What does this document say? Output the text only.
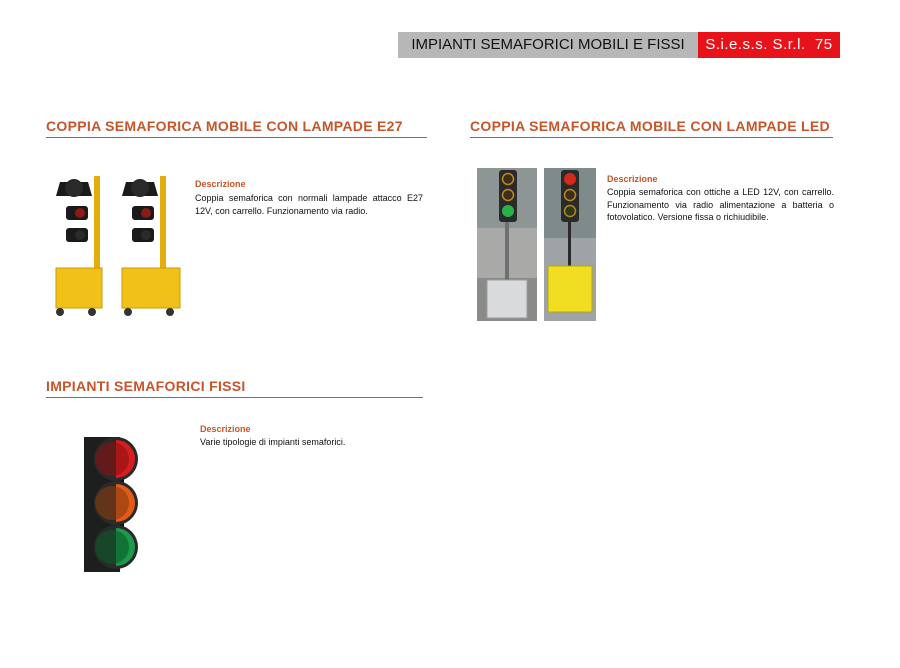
IMPIANTI SEMAFORICI MOBILI E FISSI	S.i.e.s.s. S.r.l. 75
COPPIA SEMAFORICA MOBILE CON LAMPADE E27
Descrizione
Coppia semaforica con normali lampade attacco E27 12V, con carrello. Funzionamento via radio.
COPPIA SEMAFORICA MOBILE CON LAMPADE LED
Descrizione
Coppia semaforica con ottiche a LED 12V, con carrello. Funzionamento via radio alimentazione a batteria o fotovolatico. Versione fissa o richiudibile.
IMPIANTI SEMAFORICI FISSI
Descrizione
Varie tipologie di impianti semaforici.
